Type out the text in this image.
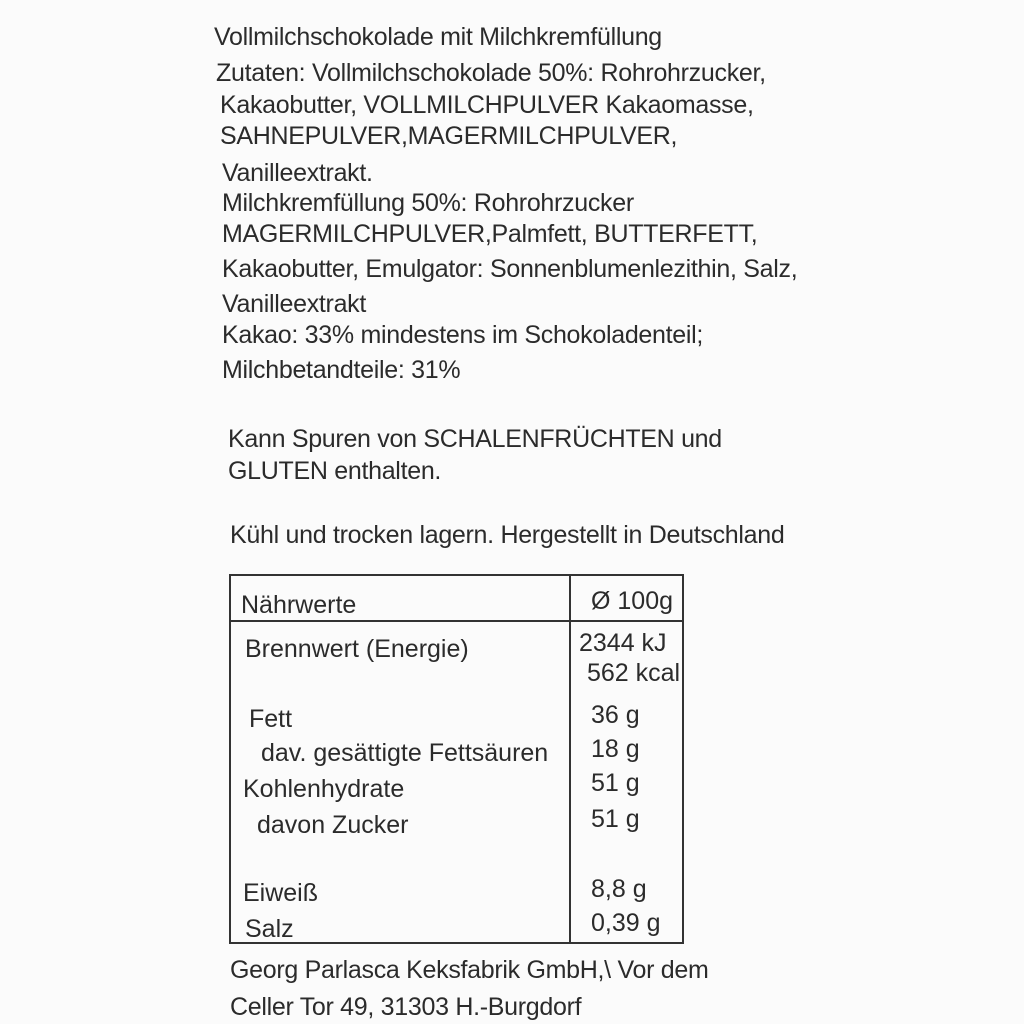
Vollmilchschokolade mit Milchkremfüllung
Zutaten: Vollmilchschokolade 50%: Rohrohrzucker,
Kakaobutter, VOLLMILCHPULVER Kakaomasse,
SAHNEPULVER,MAGERMILCHPULVER,
Vanilleextrakt.
Milchkremfüllung 50%: Rohrohrzucker
MAGERMILCHPULVER,Palmfett, BUTTERFETT,
Kakaobutter, Emulgator: Sonnenblumenlezithin, Salz,
Vanilleextrakt
Kakao: 33% mindestens im Schokoladenteil;
Milchbetandteile: 31%
Kann Spuren von SCHALENFRÜCHTEN und
GLUTEN enthalten.
Kühl und trocken lagern. Hergestellt in Deutschland
Nährwerte	Ø 100g
Brennwert (Energie)	2344 kJ
562 kcal
Fett	36 g
dav. gesättigte Fettsäuren 18 g
Kohlenhydrate	51 g
davon Zucker	51 g
Eiweiß	8,8 g
Salz	0,39 g
Georg Parlasca Keksfabrik GmbH,\ Vor dem
Celler Tor 49, 31303 H.-Burgdorf
